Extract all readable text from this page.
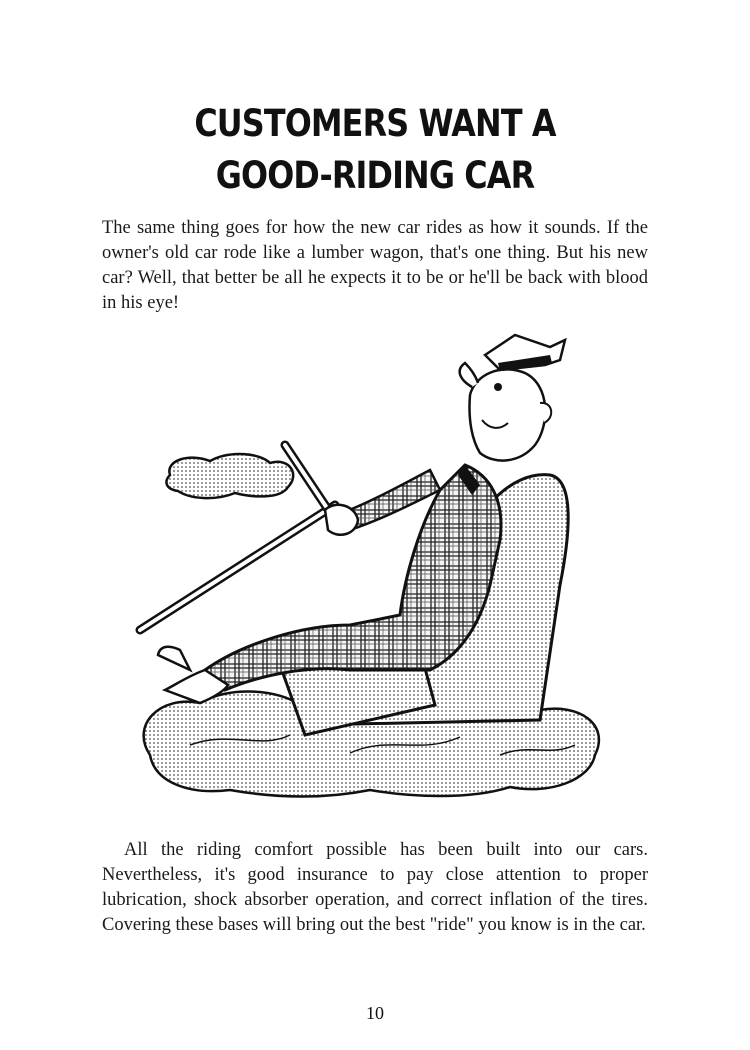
CUSTOMERS WANT A
GOOD-RIDING CAR

The same thing goes for how the new car rides as how it sounds. If the owner's old car rode like a lumber wagon, that's one thing. But his new car? Well, that better be all he expects it to be or he'll be back with blood in his eye!

All the riding comfort possible has been built into our cars. Nevertheless, it's good insurance to pay close attention to proper lubrication, shock absorber operation, and correct inflation of the tires. Covering these bases will bring out the best "ride" you know is in the car.

10
